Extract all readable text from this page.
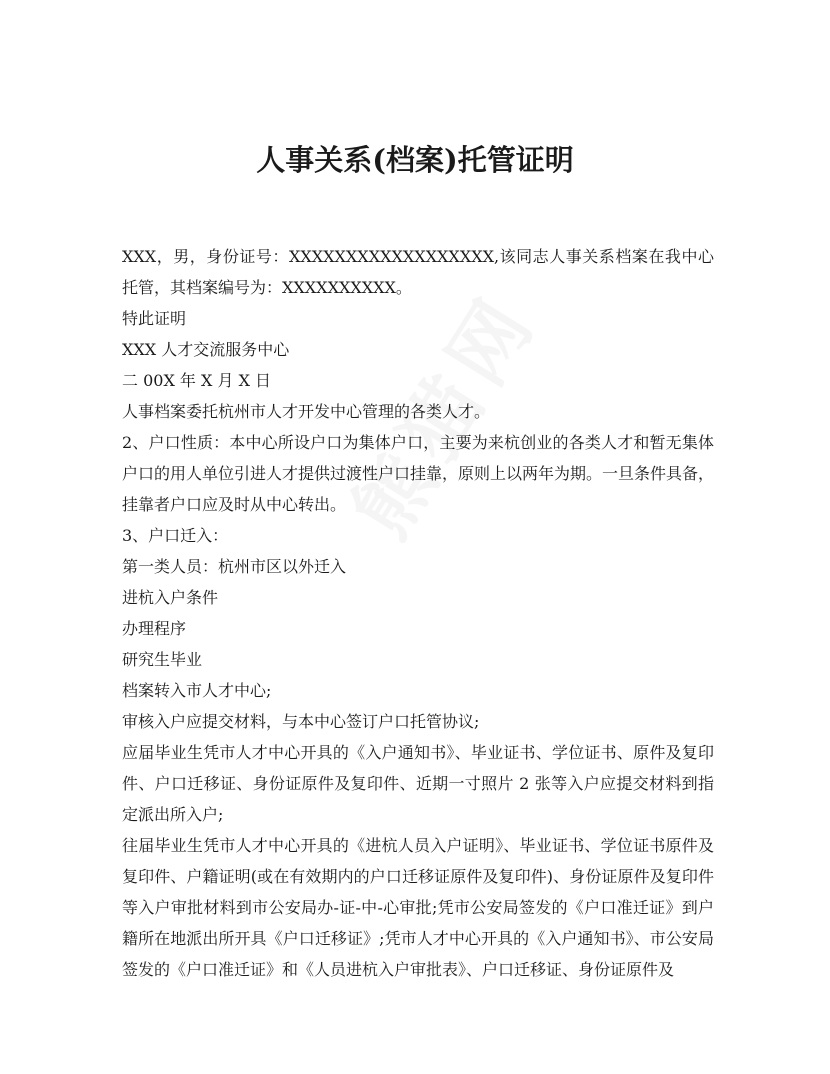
人事关系(档案)托管证明

XXX，男，身份证号：XXXXXXXXXXXXXXXXXX,该同志人事关系档案在我中心托管，其档案编号为：XXXXXXXXXX。

特此证明

XXX 人才交流服务中心

二 00X 年 X 月 X 日

人事档案委托杭州市人才开发中心管理的各类人才。

2、户口性质：本中心所设户口为集体户口，主要为来杭创业的各类人才和暂无集体户口的用人单位引进人才提供过渡性户口挂靠，原则上以两年为期。一旦条件具备，挂靠者户口应及时从中心转出。

3、户口迁入：

第一类人员：杭州市区以外迁入

进杭入户条件

办理程序

研究生毕业

档案转入市人才中心;

审核入户应提交材料，与本中心签订户口托管协议;

应届毕业生凭市人才中心开具的《入户通知书》、毕业证书、学位证书、原件及复印件、户口迁移证、身份证原件及复印件、近期一寸照片 2 张等入户应提交材料到指定派出所入户;

往届毕业生凭市人才中心开具的《进杭人员入户证明》、毕业证书、学位证书原件及复印件、户籍证明(或在有效期内的户口迁移证原件及复印件)、身份证原件及复印件等入户审批材料到市公安局办-证-中-心审批;凭市公安局签发的《户口准迁证》到户籍所在地派出所开具《户口迁移证》;凭市人才中心开具的《入户通知书》、市公安局签发的《户口准迁证》和《人员进杭入户审批表》、户口迁移证、身份证原件及
